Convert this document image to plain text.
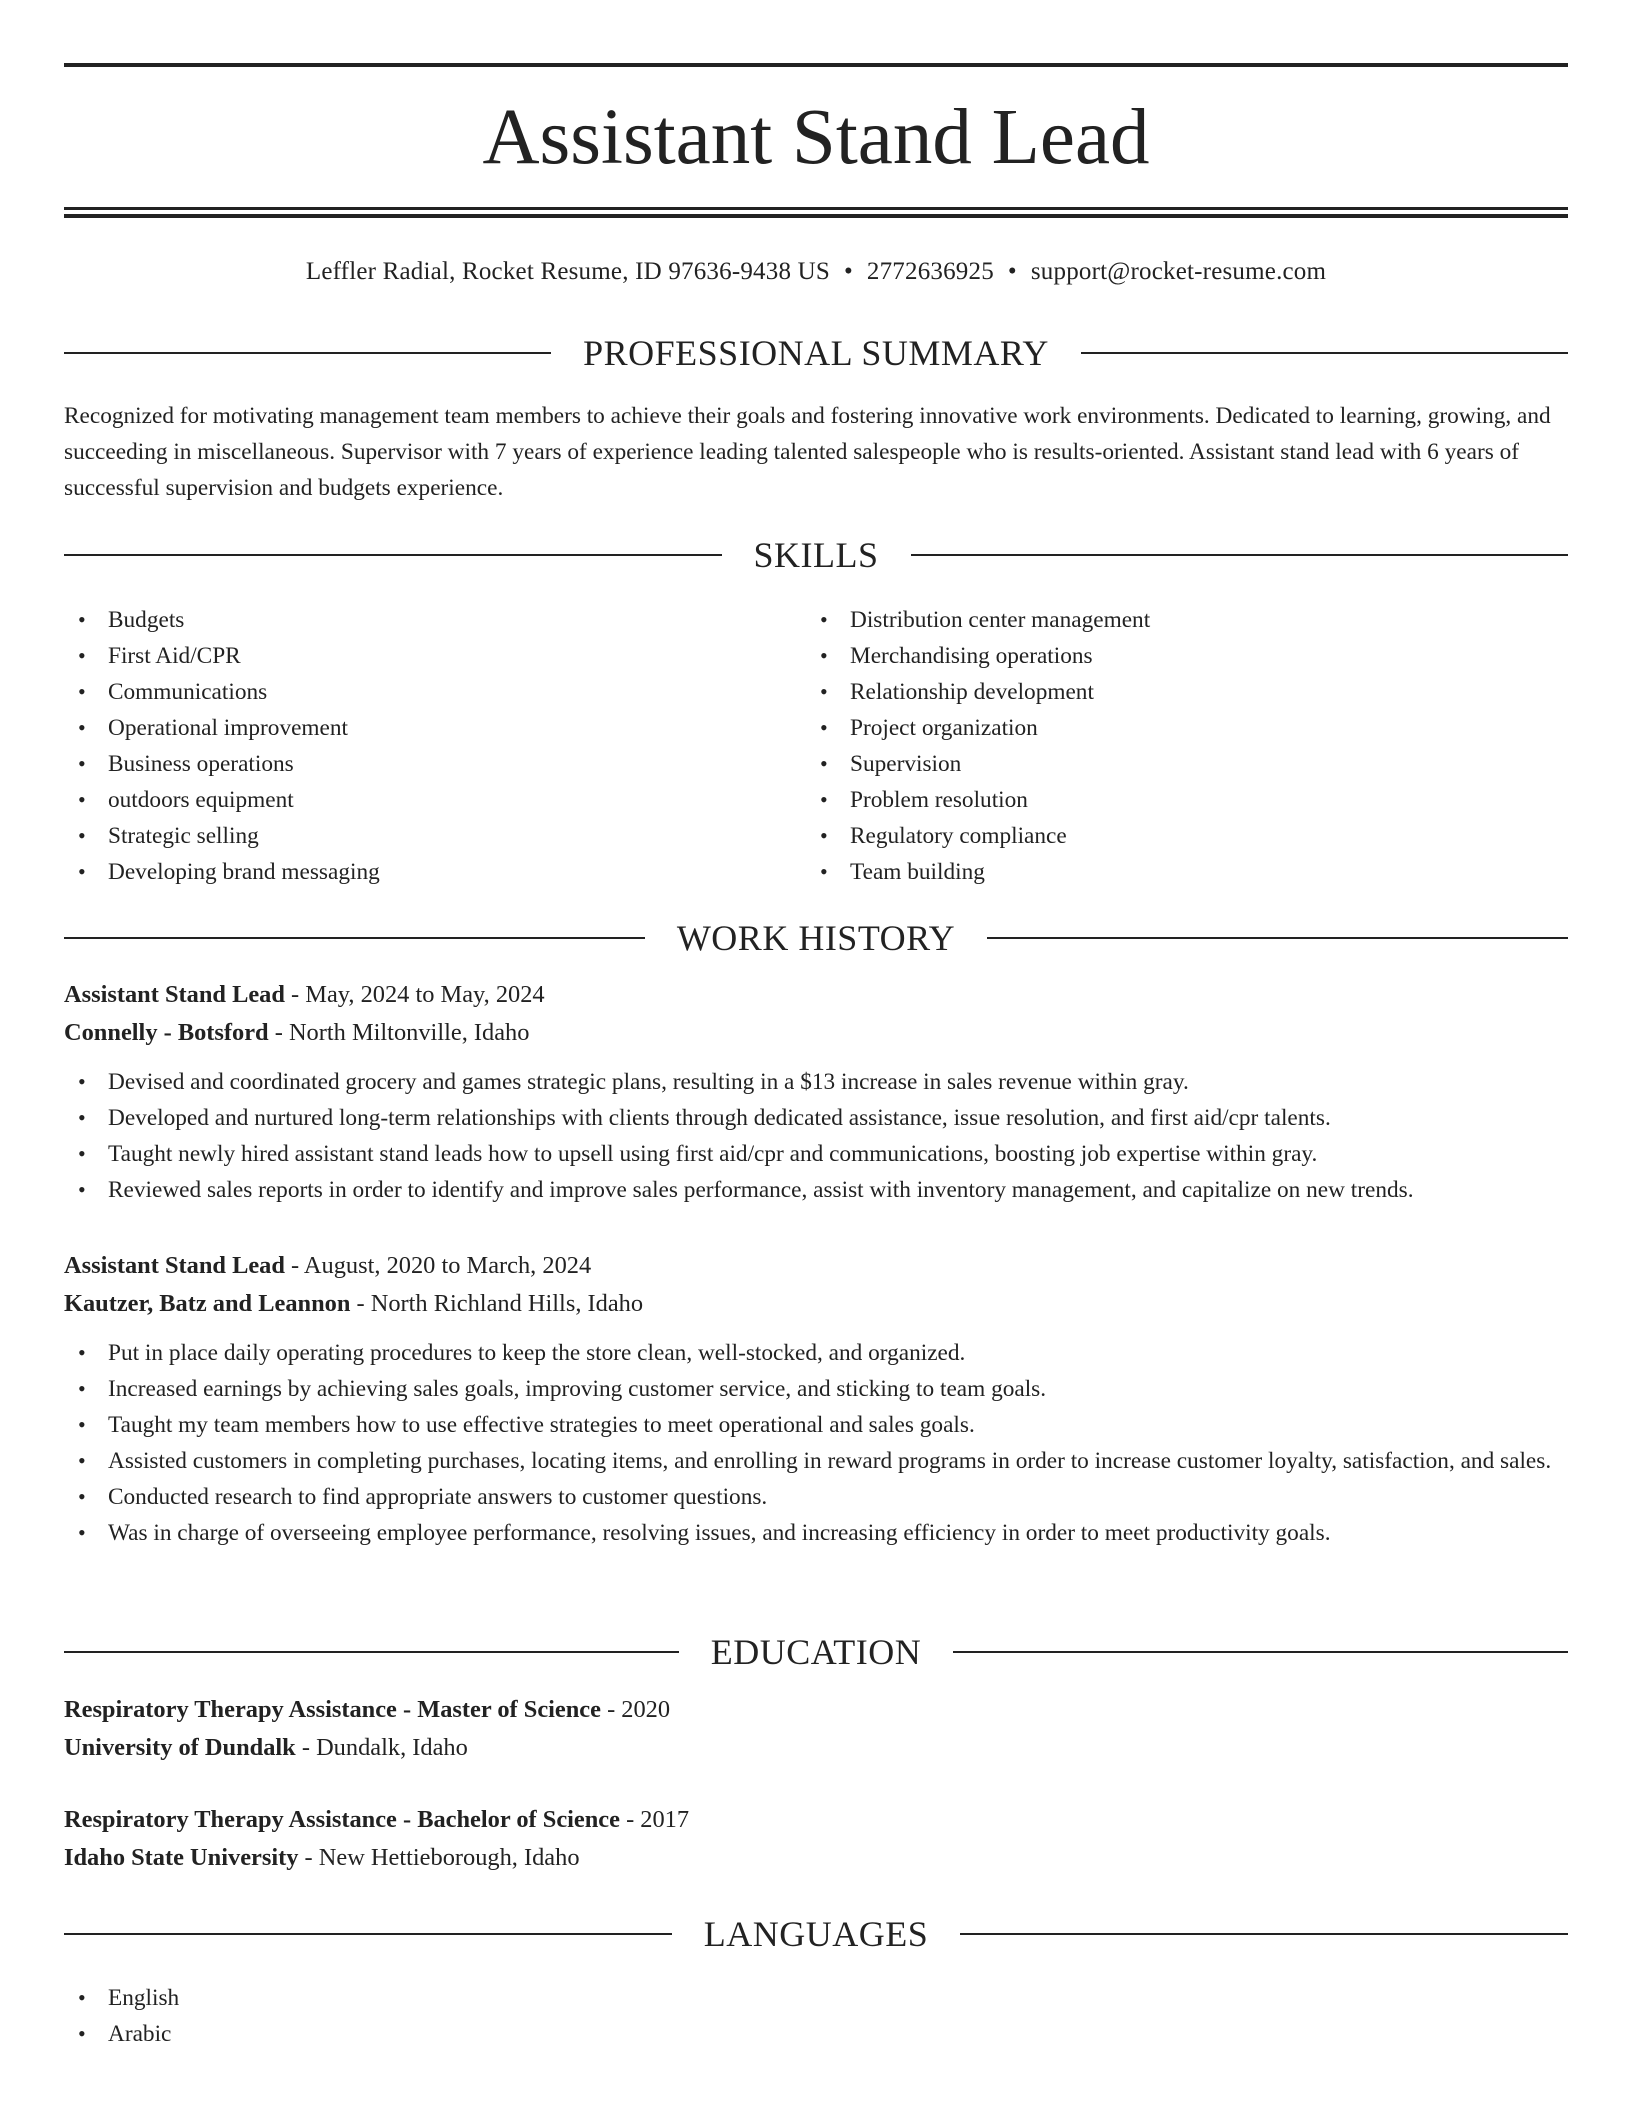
Assistant Stand Lead
Leffler Radial, Rocket Resume, ID 97636-9438 US • 2772636925 • support@rocket-resume.com
PROFESSIONAL SUMMARY

Recognized for motivating management team members to achieve their goals and fostering innovative work environments. Dedicated to learning, growing, and succeeding in miscellaneous. Supervisor with 7 years of experience leading talented salespeople who is results-oriented. Assistant stand lead with 6 years of successful supervision and budgets experience.

SKILLS
• Budgets
• First Aid/CPR
• Communications
• Operational improvement
• Business operations
• outdoors equipment
• Strategic selling
• Developing brand messaging
• Distribution center management
• Merchandising operations
• Relationship development
• Project organization
• Supervision
• Problem resolution
• Regulatory compliance
• Team building
WORK HISTORY
Assistant Stand Lead - May, 2024 to May, 2024
Connelly - Botsford - North Miltonville, Idaho
• Devised and coordinated grocery and games strategic plans, resulting in a $13 increase in sales revenue within gray.
• Developed and nurtured long-term relationships with clients through dedicated assistance, issue resolution, and first aid/cpr talents.
• Taught newly hired assistant stand leads how to upsell using first aid/cpr and communications, boosting job expertise within gray.
• Reviewed sales reports in order to identify and improve sales performance, assist with inventory management, and capitalize on new trends.
Assistant Stand Lead - August, 2020 to March, 2024
Kautzer, Batz and Leannon - North Richland Hills, Idaho
• Put in place daily operating procedures to keep the store clean, well-stocked, and organized.
• Increased earnings by achieving sales goals, improving customer service, and sticking to team goals.
• Taught my team members how to use effective strategies to meet operational and sales goals.
• Assisted customers in completing purchases, locating items, and enrolling in reward programs in order to increase customer loyalty, satisfaction, and sales.
• Conducted research to find appropriate answers to customer questions.
• Was in charge of overseeing employee performance, resolving issues, and increasing efficiency in order to meet productivity goals.
EDUCATION
Respiratory Therapy Assistance - Master of Science - 2020
University of Dundalk - Dundalk, Idaho
Respiratory Therapy Assistance - Bachelor of Science - 2017
Idaho State University - New Hettieborough, Idaho
LANGUAGES
• English
• Arabic
